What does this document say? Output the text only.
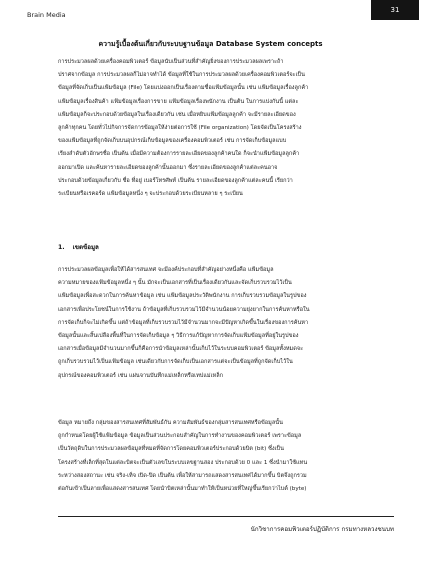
Brain Media
31
ความรู้เบื้องต้นเกี่ยวกับระบบฐานข้อมูล Database System concepts
การประมวลผลด้วยเครื่องคอมพิวเตอร์ ข้อมูลนับเป็นส่วนที่สำคัญยิ่งของการประมวลผลเพราะถ้า
ปราศจากข้อมูล การประมวลผลก็ไม่อาจทำได้ ข้อมูลที่ใช้ในการประมวลผลด้วยเครื่องคอมพิวเตอร์จะเป็น
ข้อมูลที่จัดเก็บเป็นแฟ้มข้อมูล (File) โดยแบ่งออกเป็นเรื่องตามชื่อแฟ้มข้อมูลนั้น เช่น แฟ้มข้อมูลเรื่องลูกค้า
แฟ้มข้อมูลเรื่องสินค้า แฟ้มข้อมูลเรื่องการขาย แฟ้มข้อมูลเรื่องพนักงาน เป็นต้น ในการแบ่งกันนี้ แต่ละ
แฟ้มข้อมูลก็จะประกอบด้วยข้อมูลในเรื่องเดียวกัน เช่น เมื่อหยิบแฟ้มข้อมูลลูกค้า จะมีรายละเอียดของ
ลูกค้าทุกคน โดยทั่วไปกิจการจัดการข้อมูลให้ง่ายต่อการใช้ (File organization) โดยจัดเป็นโครงสร้าง
ของแฟ้มข้อมูลที่ถูกจัดเก็บบนอุปกรณ์เก็บข้อมูลของเครื่องคอมพิวเตอร์ เช่น การจัดเก็บข้อมูลแบบ
เรียงลำดับตัวอักษรชื่อ เป็นต้น เมื่อมีความต้องการรายละเอียดของลูกค้าคนใด ก็จะนำแฟ้มข้อมูลลูกค้า
ออกมาเปิด และค้นหารายละเอียดของลูกค้านั้นออกมา ซึ่งรายละเอียดของลูกค้าแต่ละคนอาจ
ประกอบด้วยข้อมูลเกี่ยวกับ ชื่อ ที่อยู่ เบอร์โทรศัพท์ เป็นต้น รายละเอียดของลูกค้าแต่ละคนนี้ เรียกว่า
ระเบียนหรือเรคอร์ด แฟ้มข้อมูลหนึ่ง ๆ จะประกอบด้วยระเบียนหลาย ๆ ระเบียน
1. เขตข้อมูล
การประมวลผลข้อมูลเพื่อให้ได้สารสนเทศ จะมีองค์ประกอบที่สำคัญอย่างหนึ่งคือ แฟ้มข้อมูล
ความหมายของแฟ้มข้อมูลหนึ่ง ๆ นั้น มักจะเป็นเอกสารที่เป็นเรื่องเดียวกันและจัดเก็บรวบรวมไว้เป็น
แฟ้มข้อมูลเพื่อสะดวกในการค้นหาข้อมูล เช่น แฟ้มข้อมูลประวัติพนักงาน การเก็บรวบรวมข้อมูลในรูปของ
เอกสารเพื่อประโยชน์ในการใช้งาน ถ้าข้อมูลที่เก็บรวบรวมไว้มีจำนวนน้อยความยุ่งยากในการค้นหาหรือใน
การจัดเก็บก็จะไม่เกิดขึ้น แต่ถ้าข้อมูลที่เก็บรวบรวมไว้มีจำนวนมากจะมีปัญหาเกิดขึ้นในเรื่องของการค้นหา
ข้อมูลนั้นและสิ้นเปลืองพื้นที่ในการจัดเก็บข้อมูล ๆ วิธีการแก้ปัญหาการจัดเก็บแฟ้มข้อมูลที่อยู่ในรูปของ
เอกสารเมื่อข้อมูลมีจำนวนมากขึ้นก็คือการนำข้อมูลเหล่านั้นเก็บไว้ในระบบคอมพิวเตอร์ ข้อมูลทั้งหมดจะ
ถูกเก็บรวบรวมไว้เป็นแฟ้มข้อมูล เช่นเดียวกับการจัดเก็บเป็นเอกสารแต่จะเป็นข้อมูลที่ถูกจัดเก็บไว้ใน
อุปกรณ์ของคอมพิวเตอร์ เช่น แผ่นจานบันทึกแม่เหล็กหรือเทปแม่เหล็ก
ข้อมูล หมายถึง กลุ่มของสารสนเทศที่สัมพันธ์กัน ความสัมพันธ์ของกลุ่มสารสนเทศหรือข้อมูลนั้น
ถูกกำหนดโดยผู้ใช้แฟ้มข้อมูล ข้อมูลเป็นส่วนประกอบสำคัญในการทำงานของคอมพิวเตอร์ เพราะข้อมูล
เป็นวัตถุดิบในการประมวลผลข้อมูลที่หมดที่จัดการโดยคอมพิวเตอร์ประกอบด้วยบิต (bit) ซึ่งเป็น
โครงสร้างที่เล็กที่สุดในแต่ละบิตจะเป็นตัวเลขในระบบเลขฐานสอง ประกอบด้วย 0 และ 1 ซึ่งนำมาใช้แทน
ระหว่างสองสถานะ เช่น จริง-เท็จ เปิด-ปิด เป็นต้น เพื่อให้สามารถแสดงสารสนเทศได้มากขึ้น บิตจึงถูกรวม
ต่อกันเข้าเป็นลายเพื่อแสดงสารสนเทศ โดยนำบิตเหล่านั้นมาทำให้เป็นหน่วยที่ใหญ่ขึ้นเรียกว่าไบต์ (byte)
นักวิชาการคอมพิวเตอร์ปฏิบัติการ กรมทางหลวงชนบท
